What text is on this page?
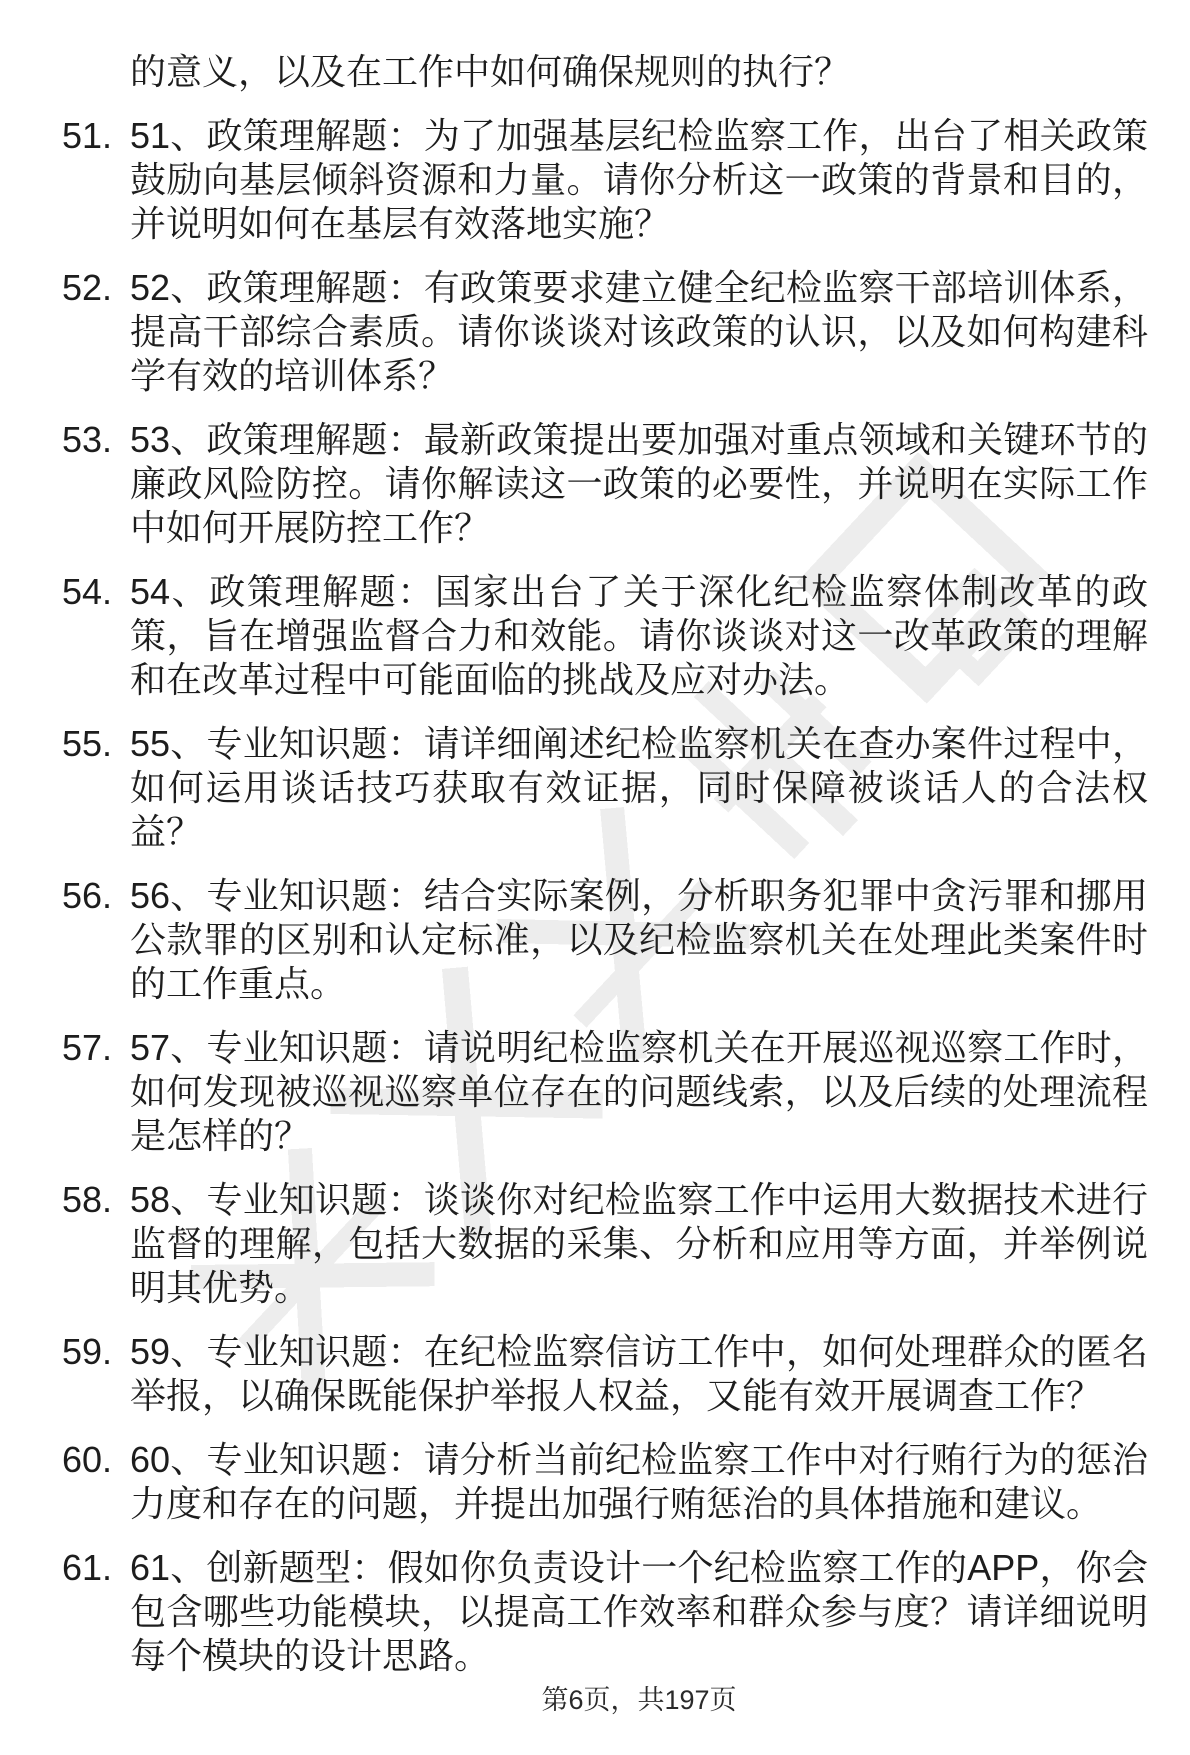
的意义，以及在工作中如何确保规则的执行？

51. 51、政策理解题：为了加强基层纪检监察工作，出台了相关政策鼓励向基层倾斜资源和力量。请你分析这一政策的背景和目的，并说明如何在基层有效落地实施？

52. 52、政策理解题：有政策要求建立健全纪检监察干部培训体系，提高干部综合素质。请你谈谈对该政策的认识，以及如何构建科学有效的培训体系？

53. 53、政策理解题：最新政策提出要加强对重点领域和关键环节的廉政风险防控。请你解读这一政策的必要性，并说明在实际工作中如何开展防控工作？

54. 54、政策理解题：国家出台了关于深化纪检监察体制改革的政策，旨在增强监督合力和效能。请你谈谈对这一改革政策的理解和在改革过程中可能面临的挑战及应对办法。

55. 55、专业知识题：请详细阐述纪检监察机关在查办案件过程中，如何运用谈话技巧获取有效证据，同时保障被谈话人的合法权益？

56. 56、专业知识题：结合实际案例，分析职务犯罪中贪污罪和挪用公款罪的区别和认定标准，以及纪检监察机关在处理此类案件时的工作重点。

57. 57、专业知识题：请说明纪检监察机关在开展巡视巡察工作时，如何发现被巡视巡察单位存在的问题线索，以及后续的处理流程是怎样的？

58. 58、专业知识题：谈谈你对纪检监察工作中运用大数据技术进行监督的理解，包括大数据的采集、分析和应用等方面，并举例说明其优势。

59. 59、专业知识题：在纪检监察信访工作中，如何处理群众的匿名举报，以确保既能保护举报人权益，又能有效开展调查工作？

60. 60、专业知识题：请分析当前纪检监察工作中对行贿行为的惩治力度和存在的问题，并提出加强行贿惩治的具体措施和建议。

61. 61、创新题型：假如你负责设计一个纪检监察工作的APP，你会包含哪些功能模块，以提高工作效率和群众参与度？请详细说明每个模块的设计思路。

第6页，共197页
